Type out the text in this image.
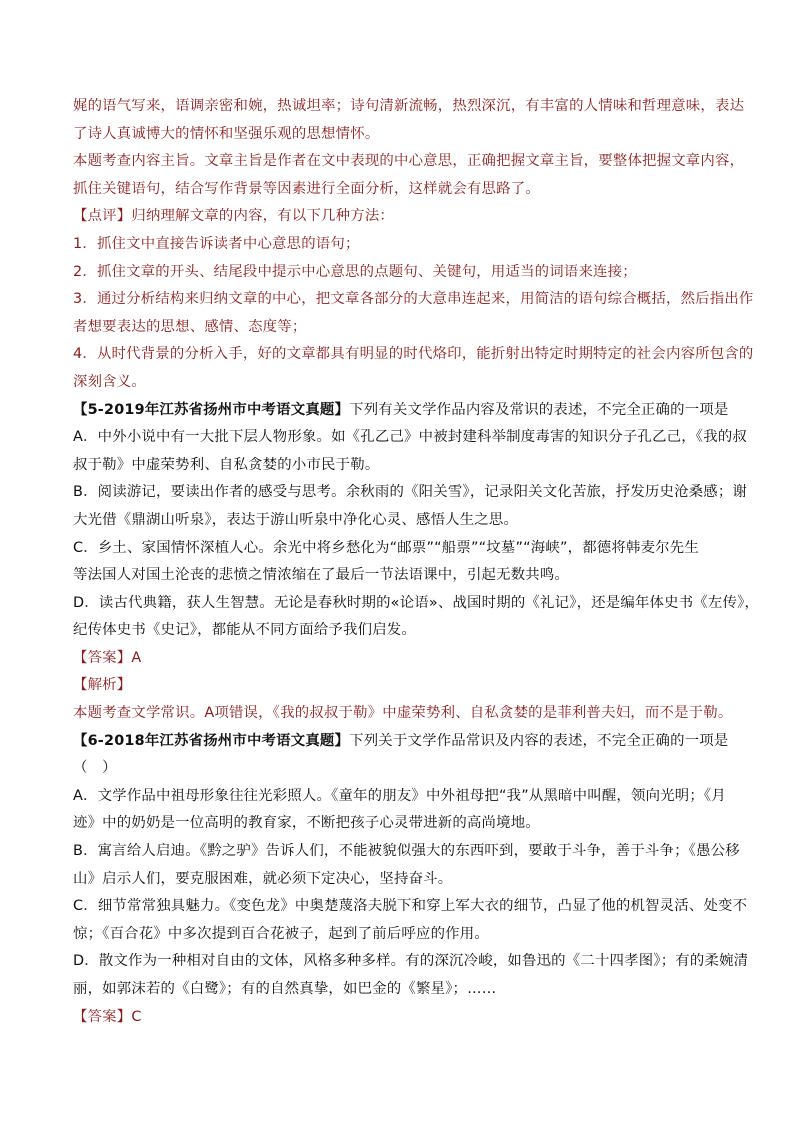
娓的语气写来，语调亲密和婉，热诚坦率；诗句清新流畅，热烈深沉，有丰富的人情味和哲理意味，表达
了诗人真诚博大的情怀和坚强乐观的思想情怀。
本题考查内容主旨。文章主旨是作者在文中表现的中心意思，正确把握文章主旨，要整体把握文章内容，
抓住关键语句，结合写作背景等因素进行全面分析，这样就会有思路了。
【点评】归纳理解文章的内容，有以下几种方法：
1．抓住文中直接告诉读者中心意思的语句；
2．抓住文章的开头、结尾段中提示中心意思的点题句、关键句，用适当的词语来连接；
3．通过分析结构来归纳文章的中心，把文章各部分的大意串连起来，用简洁的语句综合概括，然后指出作
者想要表达的思想、感情、态度等；
4．从时代背景的分析入手，好的文章都具有明显的时代烙印，能折射出特定时期特定的社会内容所包含的
深刻含义。
【5-2019年江苏省扬州市中考语文真题】下列有关文学作品内容及常识的表述，不完全正确的一项是
A．中外小说中有一大批下层人物形象。如《孔乙己》中被封建科举制度毒害的知识分子孔乙己，《我的叔
叔于勒》中虚荣势利、自私贪婪的小市民于勒。
B．阅读游记，要读出作者的感受与思考。余秋雨的《阳关雪》，记录阳关文化苦旅，抒发历史沧桑感；谢
大光借《鼎湖山听泉》，表达于游山听泉中净化心灵、感悟人生之思。
C．乡土、家国情怀深植人心。余光中将乡愁化为“邮票”“船票”“坟墓”“海峡”，都德将韩麦尔先生
等法国人对国土沦丧的悲愤之情浓缩在了最后一节法语课中，引起无数共鸣。
D．读古代典籍，获人生智慧。无论是春秋时期的«论语»、战国时期的《礼记》，还是编年体史书《左传》，
纪传体史书《史记》，都能从不同方面给予我们启发。
【答案】A
【解析】
本题考查文学常识。A项错误，《我的叔叔于勒》中虚荣势利、自私贪婪的是菲利普夫妇，而不是于勒。
【6-2018年江苏省扬州市中考语文真题】下列关于文学作品常识及内容的表述，不完全正确的一项是
（　）
A．文学作品中祖母形象往往光彩照人。《童年的朋友》中外祖母把“我”从黑暗中叫醒，领向光明；《月
迹》中的奶奶是一位高明的教育家，不断把孩子心灵带进新的高尚境地。
B．寓言给人启迪。《黔之驴》告诉人们，不能被貌似强大的东西吓到，要敢于斗争，善于斗争；《愚公移
山》启示人们，要克服困难，就必须下定决心，坚持奋斗。
C．细节常常独具魅力。《变色龙》中奥楚蔑洛夫脱下和穿上军大衣的细节，凸显了他的机智灵活、处变不
惊；《百合花》中多次提到百合花被子，起到了前后呼应的作用。
D．散文作为一种相对自由的文体，风格多种多样。有的深沉冷峻，如鲁迅的《二十四孝图》；有的柔婉清
丽，如郭沫若的《白鹭》；有的自然真挚，如巴金的《繁星》；……
【答案】C
